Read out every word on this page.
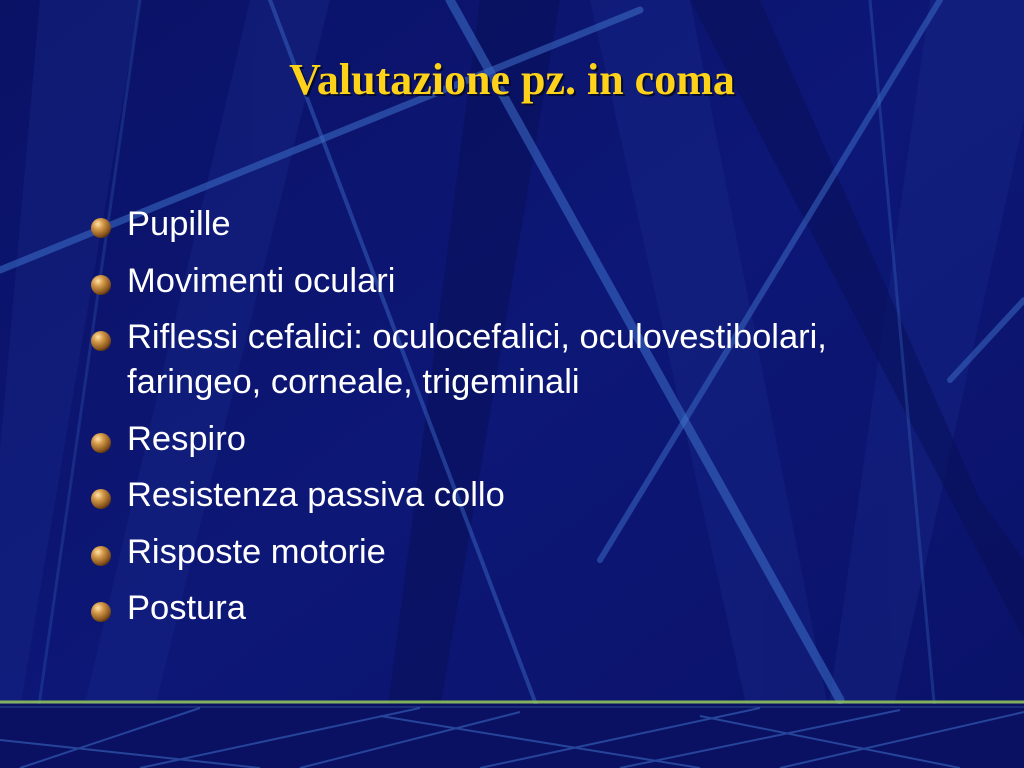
Valutazione pz. in coma
Pupille
Movimenti oculari
Riflessi cefalici: oculocefalici, oculovestibolari, faringeo, corneale, trigeminali
Respiro
Resistenza passiva collo
Risposte motorie
Postura
